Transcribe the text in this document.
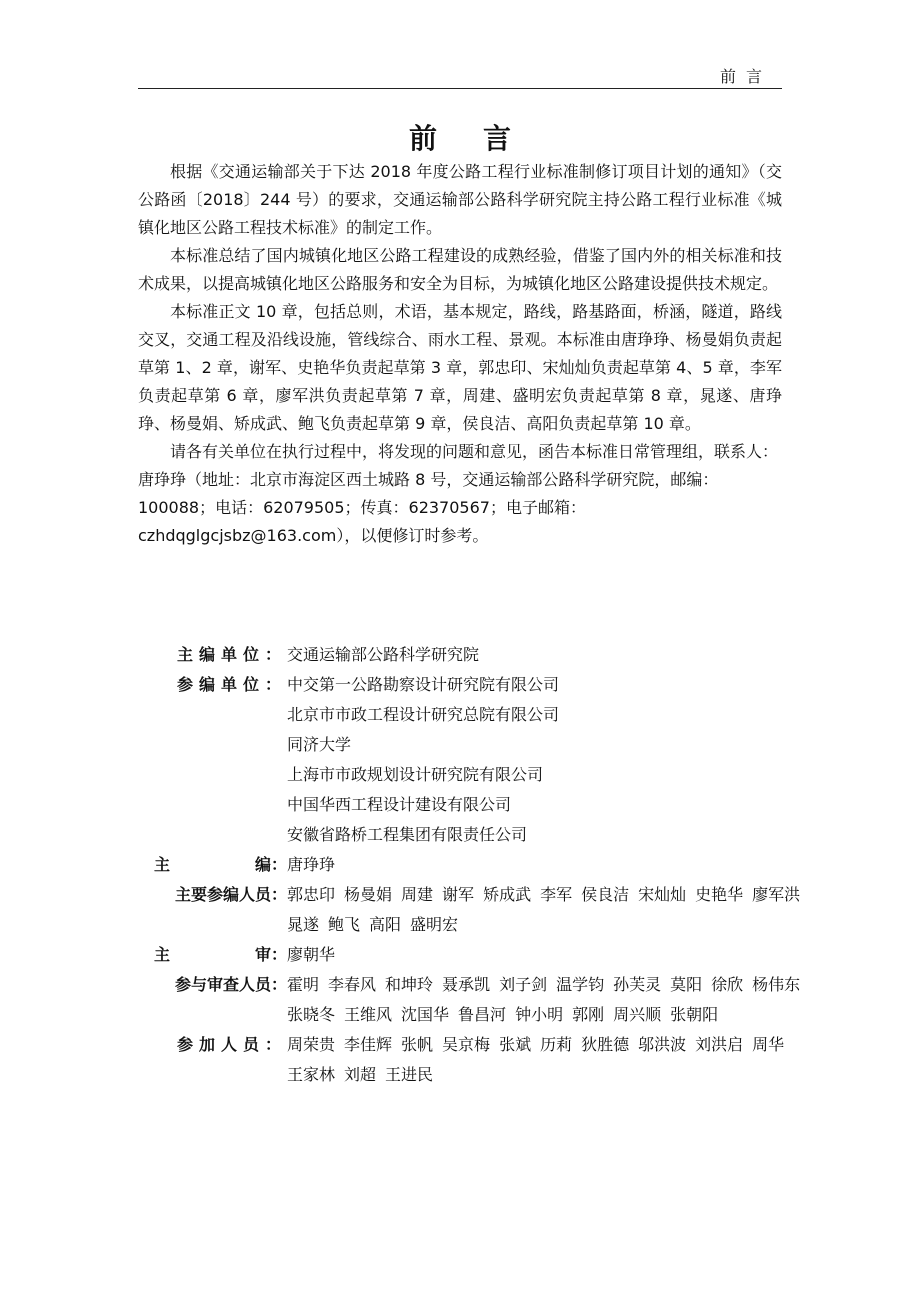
前言
前言

根据《交通运输部关于下达 2018 年度公路工程行业标准制修订项目计划的通知》（交公路函〔2018〕244 号）的要求，交通运输部公路科学研究院主持公路工程行业标准《城镇化地区公路工程技术标准》的制定工作。

本标准总结了国内城镇化地区公路工程建设的成熟经验，借鉴了国内外的相关标准和技术成果，以提高城镇化地区公路服务和安全为目标，为城镇化地区公路建设提供技术规定。

本标准正文 10 章，包括总则，术语，基本规定，路线，路基路面，桥涵，隧道，路线交叉，交通工程及沿线设施，管线综合、雨水工程、景观。本标准由唐琤琤、杨曼娟负责起草第 1、2 章，谢军、史艳华负责起草第 3 章，郭忠印、宋灿灿负责起草第 4、5 章，李军负责起草第 6 章，廖军洪负责起草第 7 章，周建、盛明宏负责起草第 8 章，晁遂、唐琤琤、杨曼娟、矫成武、鲍飞负责起草第 9 章，侯良洁、高阳负责起草第 10 章。

请各有关单位在执行过程中，将发现的问题和意见，函告本标准日常管理组，联系人：唐琤琤（地址：北京市海淀区西土城路 8 号，交通运输部公路科学研究院，邮编：100088；电话：62079505；传真：62370567；电子邮箱：czhdqglgcjsbz@163.com），以便修订时参考。

主编单位： 交通运输部公路科学研究院
参编单位： 中交第一公路勘察设计研究院有限公司
北京市市政工程设计研究总院有限公司
同济大学
上海市市政规划设计研究院有限公司
中国华西工程设计建设有限公司
安徽省路桥工程集团有限责任公司
主	编： 唐琤琤
主要参编人员： 郭忠印 杨曼娟 周建 谢军 矫成武 李军 侯良洁 宋灿灿 史艳华 廖军洪
晁遂 鲍飞 高阳 盛明宏
主	审： 廖朝华
参与审查人员： 霍明 李春风 和坤玲 聂承凯 刘子剑 温学钧 孙芙灵 莫阳 徐欣 杨伟东
张晓冬 王维风 沈国华 鲁昌河 钟小明 郭刚 周兴顺 张朝阳
参加人员： 周荣贵 李佳辉 张帆 吴京梅 张斌 历莉 狄胜德 邬洪波 刘洪启 周华
王家林 刘超 王进民
